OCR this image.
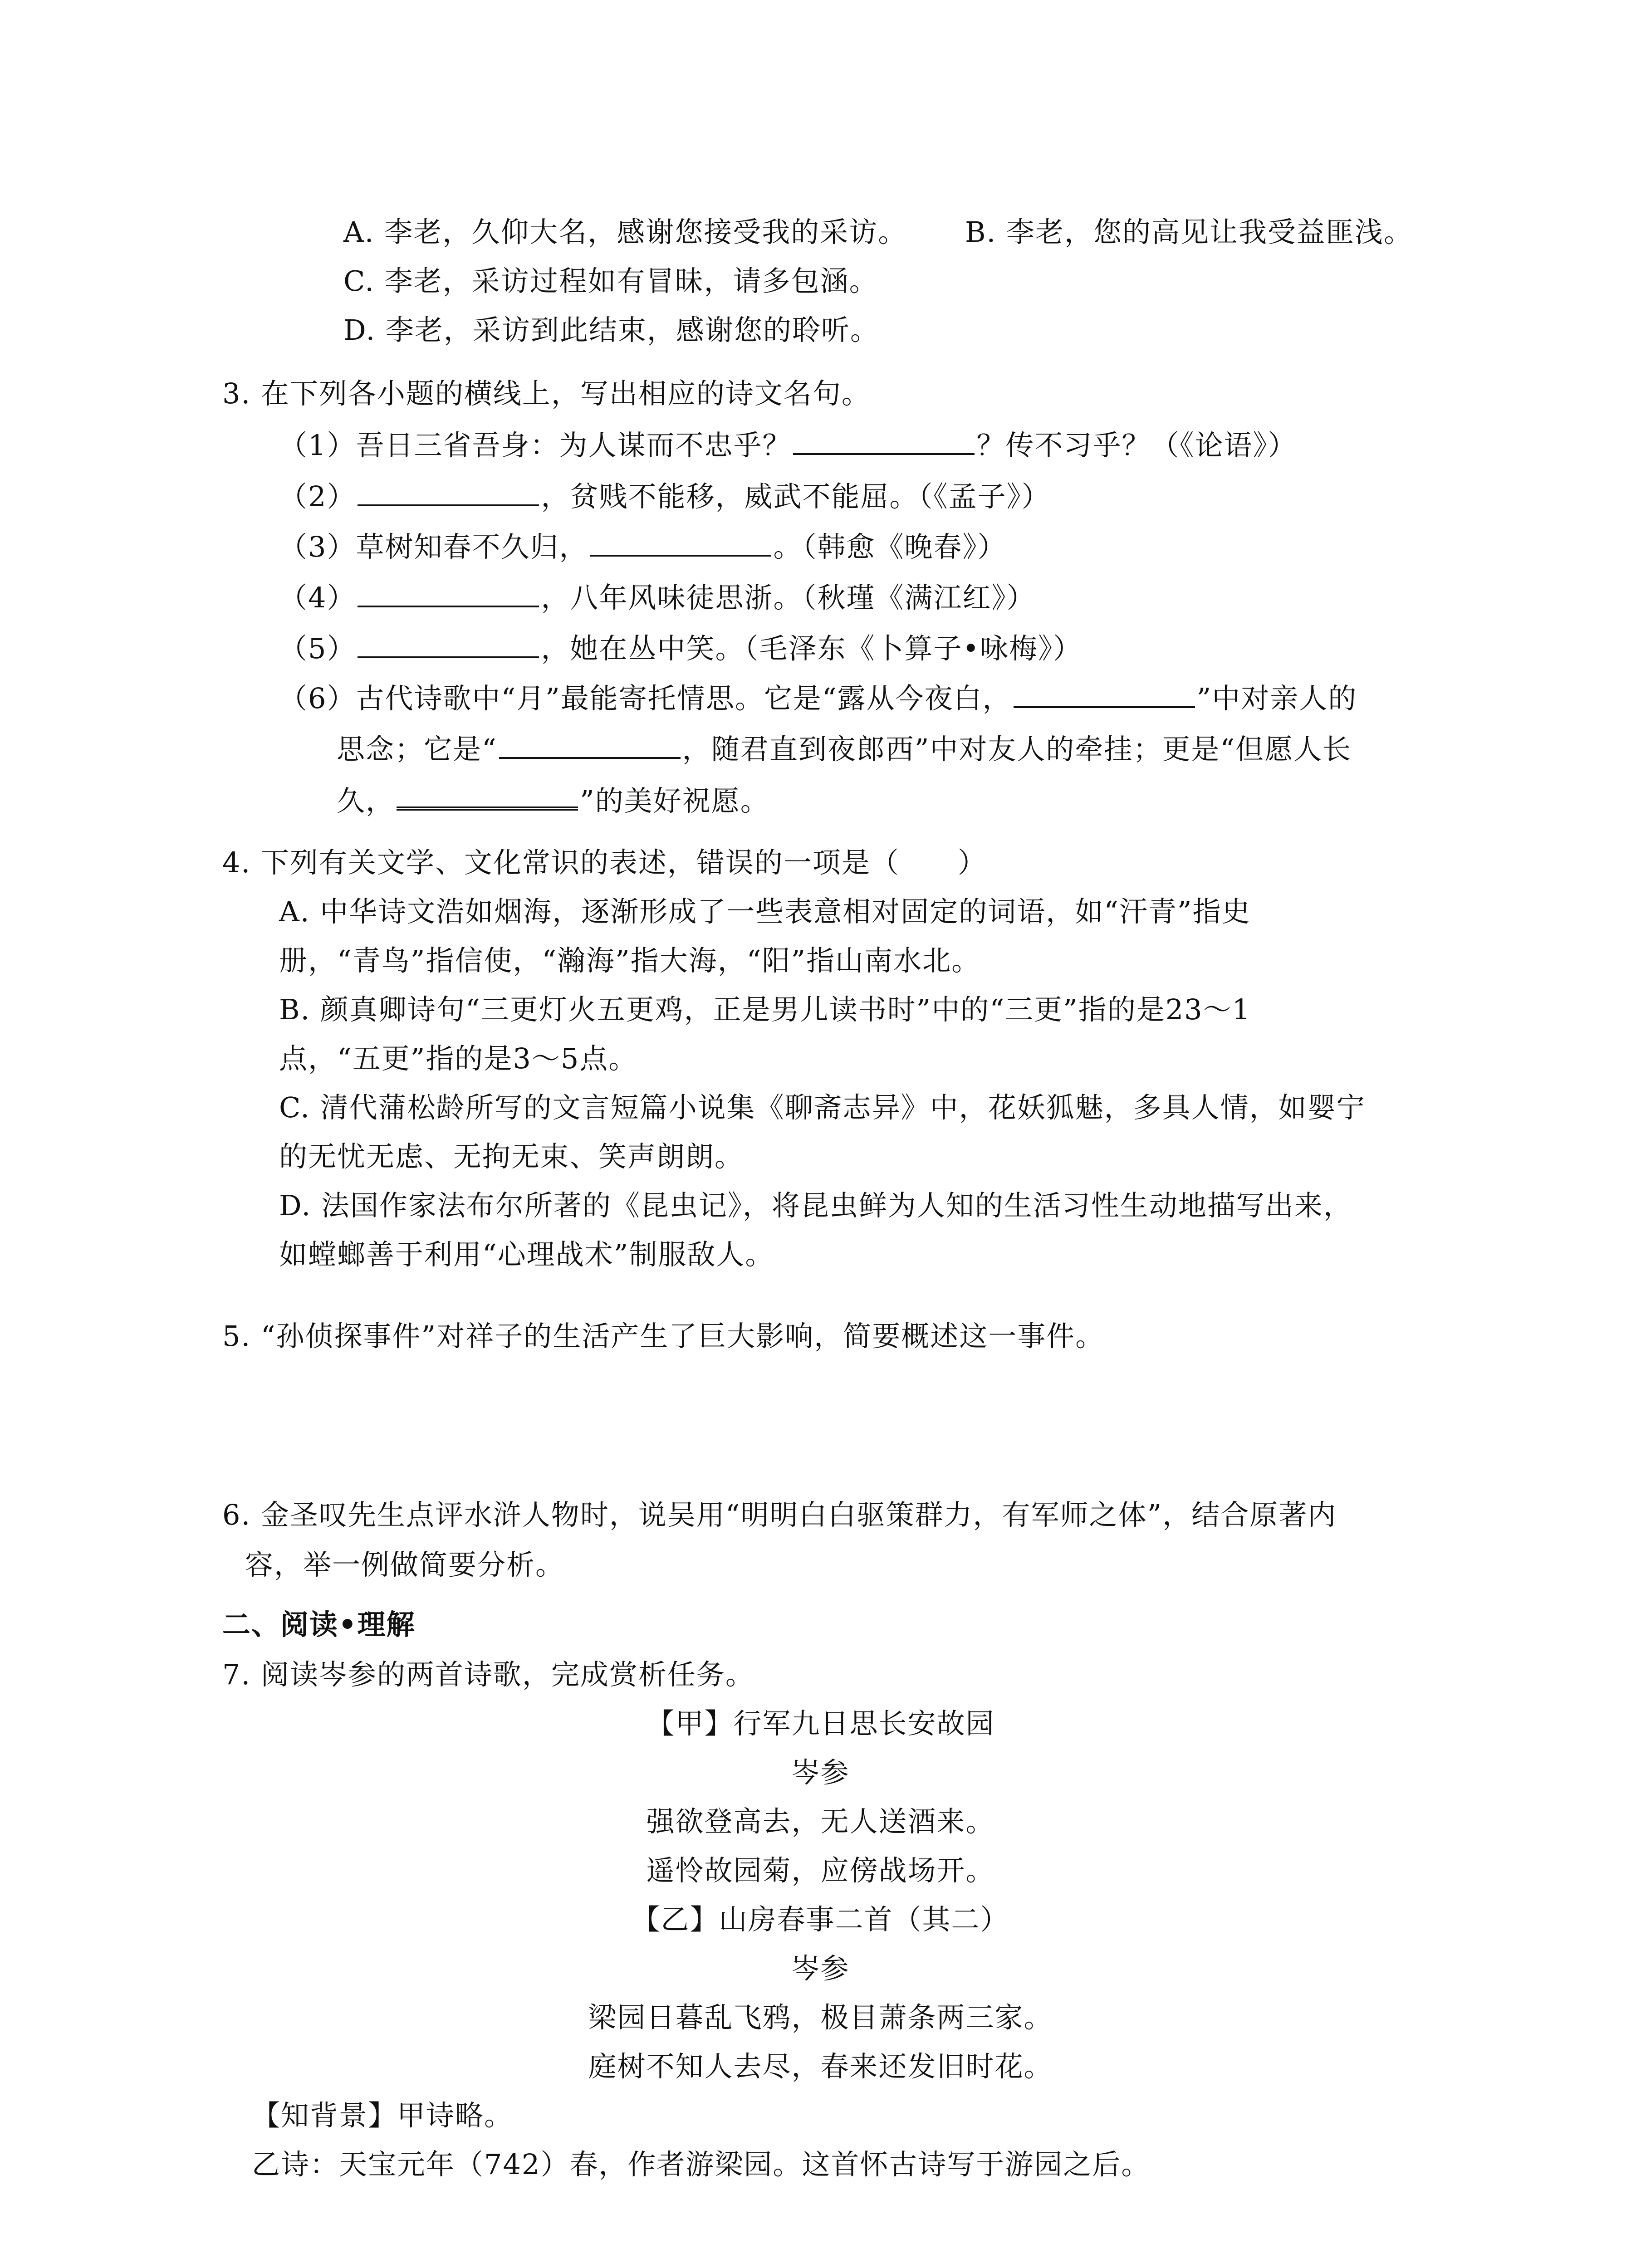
A. 李老，久仰大名，感谢您接受我的采访。 B. 李老，您的高见让我受益匪浅。
C. 李老，采访过程如有冒昧，请多包涵。
D. 李老，采访到此结束，感谢您的聆听。
3. 在下列各小题的横线上，写出相应的诗文名句。
（1）吾日三省吾身：为人谋而不忠乎？	？传不习乎？（《论语》）
（2）	，贫贱不能移，威武不能屈。（《孟子》）
（3）草树知春不久归，	。（韩愈《晚春》）
（4）	，八年风味徒思浙。（秋瑾《满江红》）
（5）	，她在丛中笑。（毛泽东《卜算子•咏梅》）
（6）古代诗歌中“月”最能寄托情思。它是“露从今夜白，	”中对亲人的
思念；它是“	，随君直到夜郎西”中对友人的牵挂；更是“但愿人长
久，	”的美好祝愿。
4. 下列有关文学、文化常识的表述，错误的一项是（　　）
A. 中华诗文浩如烟海，逐渐形成了一些表意相对固定的词语，如“汗青”指史
册，“青鸟”指信使，“瀚海”指大海，“阳”指山南水北。
B. 颜真卿诗句“三更灯火五更鸡，正是男儿读书时”中的“三更”指的是23～1
点，“五更”指的是3～5点。
C. 清代蒲松龄所写的文言短篇小说集《聊斋志异》中，花妖狐魅，多具人情，如婴宁
的无忧无虑、无拘无束、笑声朗朗。
D. 法国作家法布尔所著的《昆虫记》，将昆虫鲜为人知的生活习性生动地描写出来，
如螳螂善于利用“心理战术”制服敌人。
5. “孙侦探事件”对祥子的生活产生了巨大影响，简要概述这一事件。
6. 金圣叹先生点评水浒人物时，说吴用“明明白白驱策群力，有军师之体”，结合原著内
容，举一例做简要分析。
二、阅读•理解
7. 阅读岑参的两首诗歌，完成赏析任务。
【甲】行军九日思长安故园
岑参
强欲登高去，无人送酒来。
遥怜故园菊，应傍战场开。
【乙】山房春事二首（其二）
岑参
梁园日暮乱飞鸦，极目萧条两三家。
庭树不知人去尽，春来还发旧时花。
【知背景】甲诗略。
乙诗：天宝元年（742）春，作者游梁园。这首怀古诗写于游园之后。
